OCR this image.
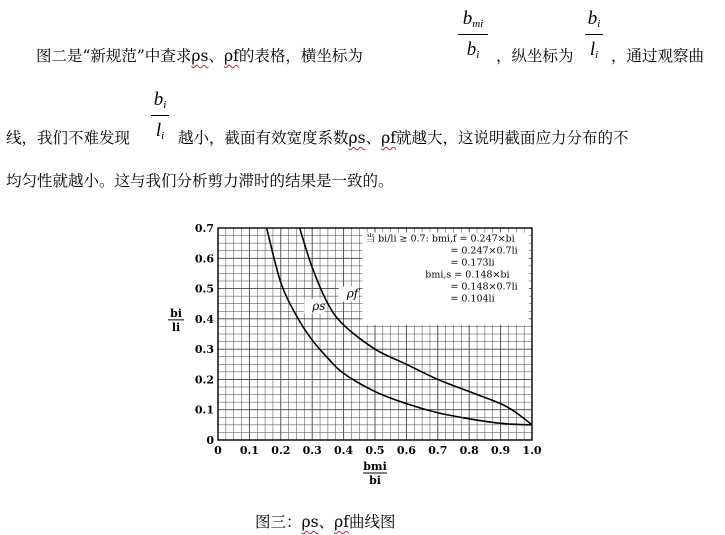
图二是“新规范”中查求ρs、ρf的表格，横坐标为
$b_{mi}$
$b_i$	，纵坐标为
$b_i$
$l_i$ ，通过观察曲
线，我们不难发现
$b_i$
$l_i$ 越小，截面有效宽度系数ρs、ρf就越大，这说明截面应力分布的不
均匀性就越小。这与我们分析剪力滞时的结果是一致的。
0 0.1 0.2 0.3 0.4 0.5 0.6 0.7 0.8 0.9 1.0
0
0.1
0.2
0.3
0.4
0.5
0.6
0.7
bmi
bi
bi
li
ρs
ρf
当 bi/li ≥ 0.7: bmi,f = 0.247×bi
= 0.247×0.7li
= 0.173li
bmi,s = 0.148×bi
= 0.148×0.7li
= 0.104li
图三：ρs、ρf曲线图
